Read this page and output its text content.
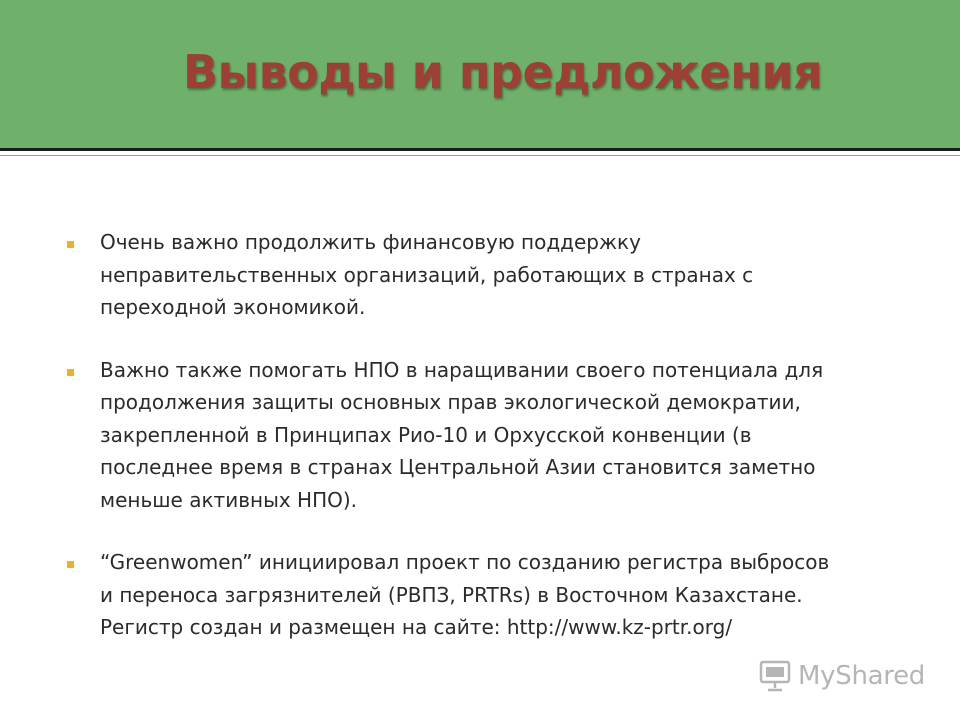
Выводы и предложения
Очень важно продолжить финансовую поддержку
неправительственных организаций, работающих в странах с
переходной экономикой.
Важно также помогать НПО в наращивании своего потенциала для
продолжения защиты основных прав экологической демократии,
закрепленной в Принципах Рио-10 и Орхусской конвенции (в
последнее время в странах Центральной Азии становится заметно
меньше активных НПО).
“Greenwomen” инициировал проект по созданию регистра выбросов
и переноса загрязнителей (РВПЗ, PRTRs) в Восточном Казахстане.
Регистр создан и размещен на сайте: http://www.kz-prtr.org/
MyShared
